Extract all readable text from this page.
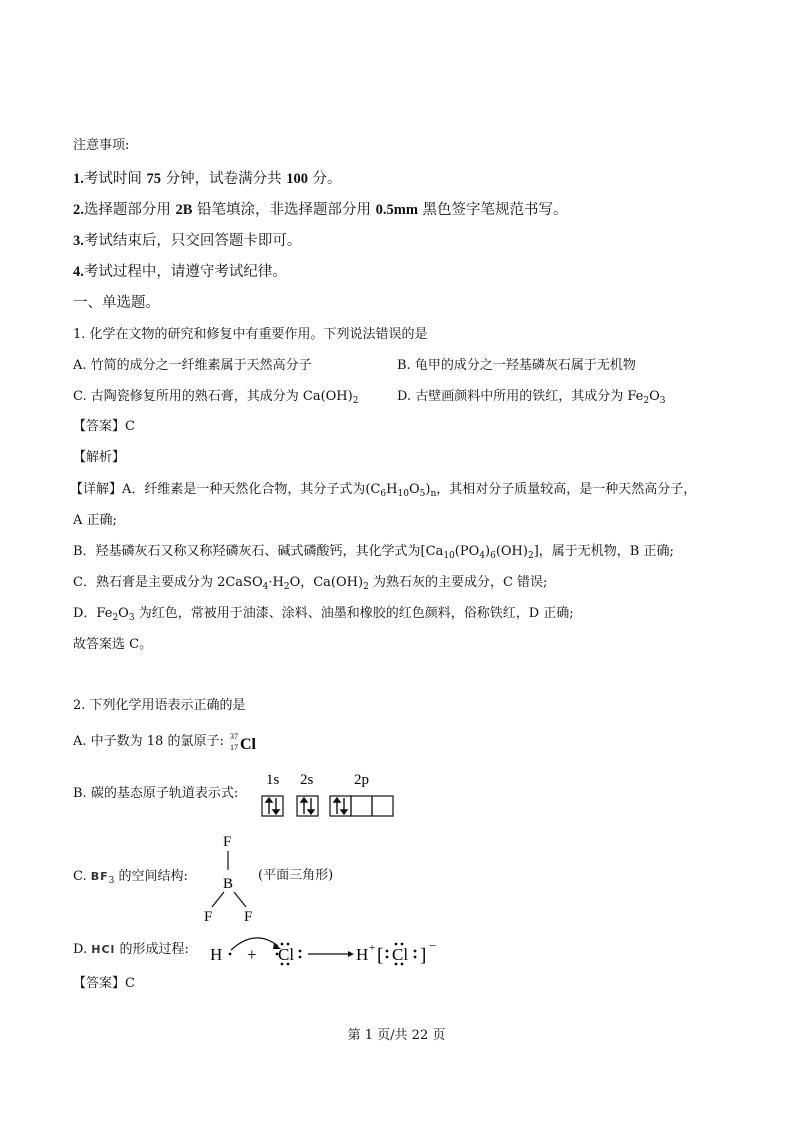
注意事项:
1.考试时间 75 分钟，试卷满分共 100 分。
2.选择题部分用 2B 铅笔填涂，非选择题部分用 0.5mm 黑色签字笔规范书写。
3.考试结束后，只交回答题卡即可。
4.考试过程中，请遵守考试纪律。
一、单选题。
1. 化学在文物的研究和修复中有重要作用。下列说法错误的是
A. 竹简的成分之一纤维素属于天然高分子	B. 龟甲的成分之一羟基磷灰石属于无机物
C. 古陶瓷修复所用的熟石膏，其成分为 $Ca(OH)_2$	D. 古壁画颜料中所用的铁红，其成分为 $Fe_2O_3$
【答案】C
【解析】
【详解】A．纤维素是一种天然化合物，其分子式为$(C_6H_{10}O_5)_n$，其相对分子质量较高，是一种天然高分子，
A 正确;
B．羟基磷灰石又称又称羟磷灰石、碱式磷酸钙，其化学式为$[Ca_{10}(PO_4)_6(OH)_2]$，属于无机物，B 正确;
C．熟石膏是主要成分为 $2CaSO_4\cdot H_2O$，$Ca(OH)_2$ 为熟石灰的主要成分，C 错误;
D．$Fe_2O_3$ 为红色，常被用于油漆、涂料、油墨和橡胶的红色颜料，俗称铁红，D 正确;
故答案选 C。
2. 下列化学用语表示正确的是
A. 中子数为 18 的氯原子: 37
17 Cl
B. 碳的基态原子轨道表示式:
1s 2s	2p
C. $BF_3$ 的空间结构:
F
B
F F
(平面三角形)
D. HCl 的形成过程: H + Cl	H + [ Cl ] −
【答案】C
第 1 页/共 22 页
